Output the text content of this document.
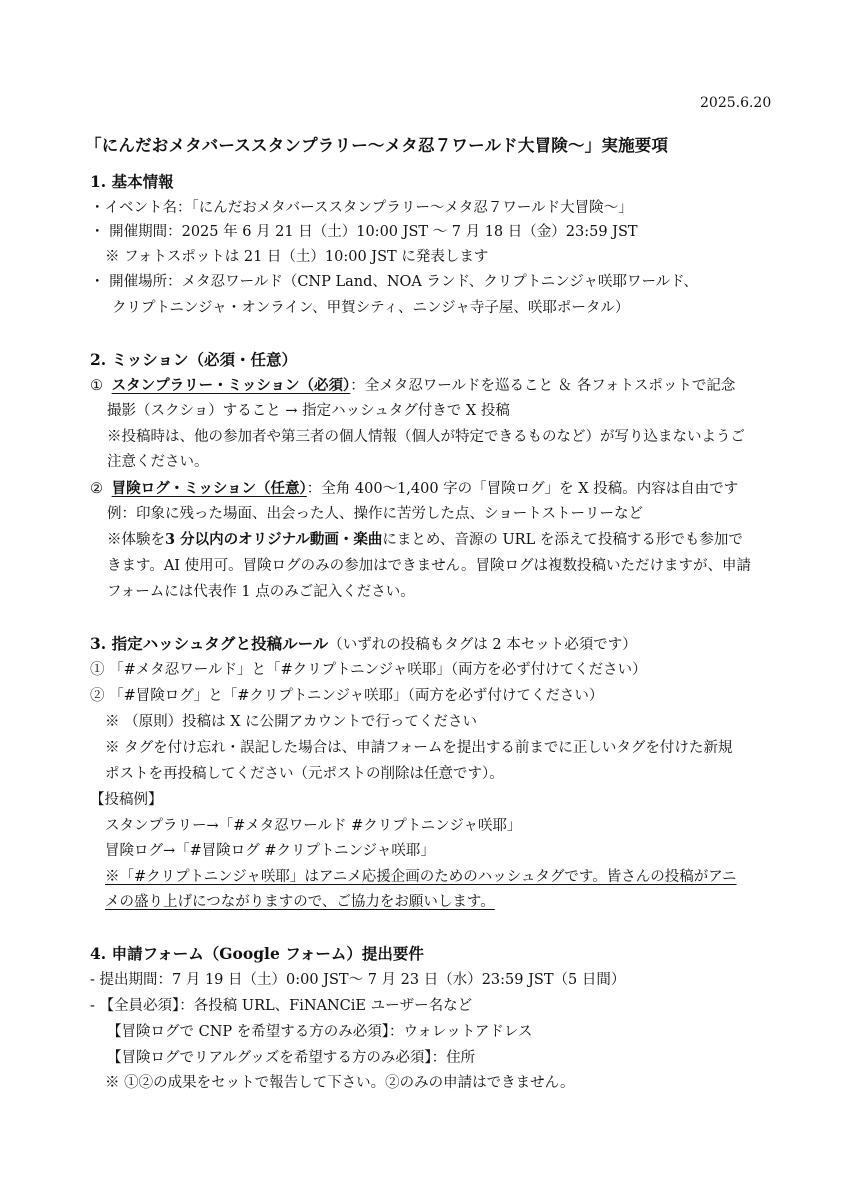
2025.6.20
「にんだおメタバーススタンプラリー～メタ忍７ワールド大冒険～」実施要項
1. 基本情報
・イベント名：「にんだおメタバーススタンプラリー～メタ忍７ワールド大冒険～」
・ 開催期間：2025 年 6 月 21 日（土）10:00 JST ～ 7 月 18 日（金）23:59 JST
※ フォトスポットは 21 日（土）10:00 JST に発表します
・ 開催場所：メタ忍ワールド（CNP Land、NOA ランド、クリプトニンジャ咲耶ワールド、
クリプトニンジャ・オンライン、甲賀シティ、ニンジャ寺子屋、咲耶ポータル）
2. ミッション（必須・任意）
① スタンプラリー・ミッション（必須）：全メタ忍ワールドを巡ること ＆ 各フォトスポットで記念
撮影（スクショ）すること → 指定ハッシュタグ付きで X 投稿
※投稿時は、他の参加者や第三者の個人情報（個人が特定できるものなど）が写り込まないようご
注意ください。
② 冒険ログ・ミッション（任意）：全角 400～1,400 字の「冒険ログ」を X 投稿。内容は自由です
例：印象に残った場面、出会った人、操作に苦労した点、ショートストーリーなど
※体験を3 分以内のオリジナル動画・楽曲にまとめ、音源の URL を添えて投稿する形でも参加で
きます。AI 使用可。冒険ログのみの参加はできません。冒険ログは複数投稿いただけますが、申請
フォームには代表作 1 点のみご記入ください。
3. 指定ハッシュタグと投稿ルール（いずれの投稿もタグは 2 本セット必須です）
① 「#メタ忍ワールド」と「#クリプトニンジャ咲耶」（両方を必ず付けてください）
② 「#冒険ログ」と「#クリプトニンジャ咲耶」（両方を必ず付けてください）
※ （原則）投稿は X に公開アカウントで行ってください
※ タグを付け忘れ・誤記した場合は、申請フォームを提出する前までに正しいタグを付けた新規
ポストを再投稿してください（元ポストの削除は任意です）。
【投稿例】
スタンプラリー→「#メタ忍ワールド #クリプトニンジャ咲耶」
冒険ログ→「#冒険ログ #クリプトニンジャ咲耶」
※「#クリプトニンジャ咲耶」はアニメ応援企画のためのハッシュタグです。皆さんの投稿がアニ
メの盛り上げにつながりますので、ご協力をお願いします。
4. 申請フォーム（Google フォーム）提出要件
- 提出期間：7 月 19 日（土）0:00 JST～ 7 月 23 日（水）23:59 JST（5 日間）
- 【全員必須】：各投稿 URL、FiNANCiE ユーザー名など
【冒険ログで CNP を希望する方のみ必須】：ウォレットアドレス
【冒険ログでリアルグッズを希望する方のみ必須】：住所
※ ①②の成果をセットで報告して下さい。②のみの申請はできません。
